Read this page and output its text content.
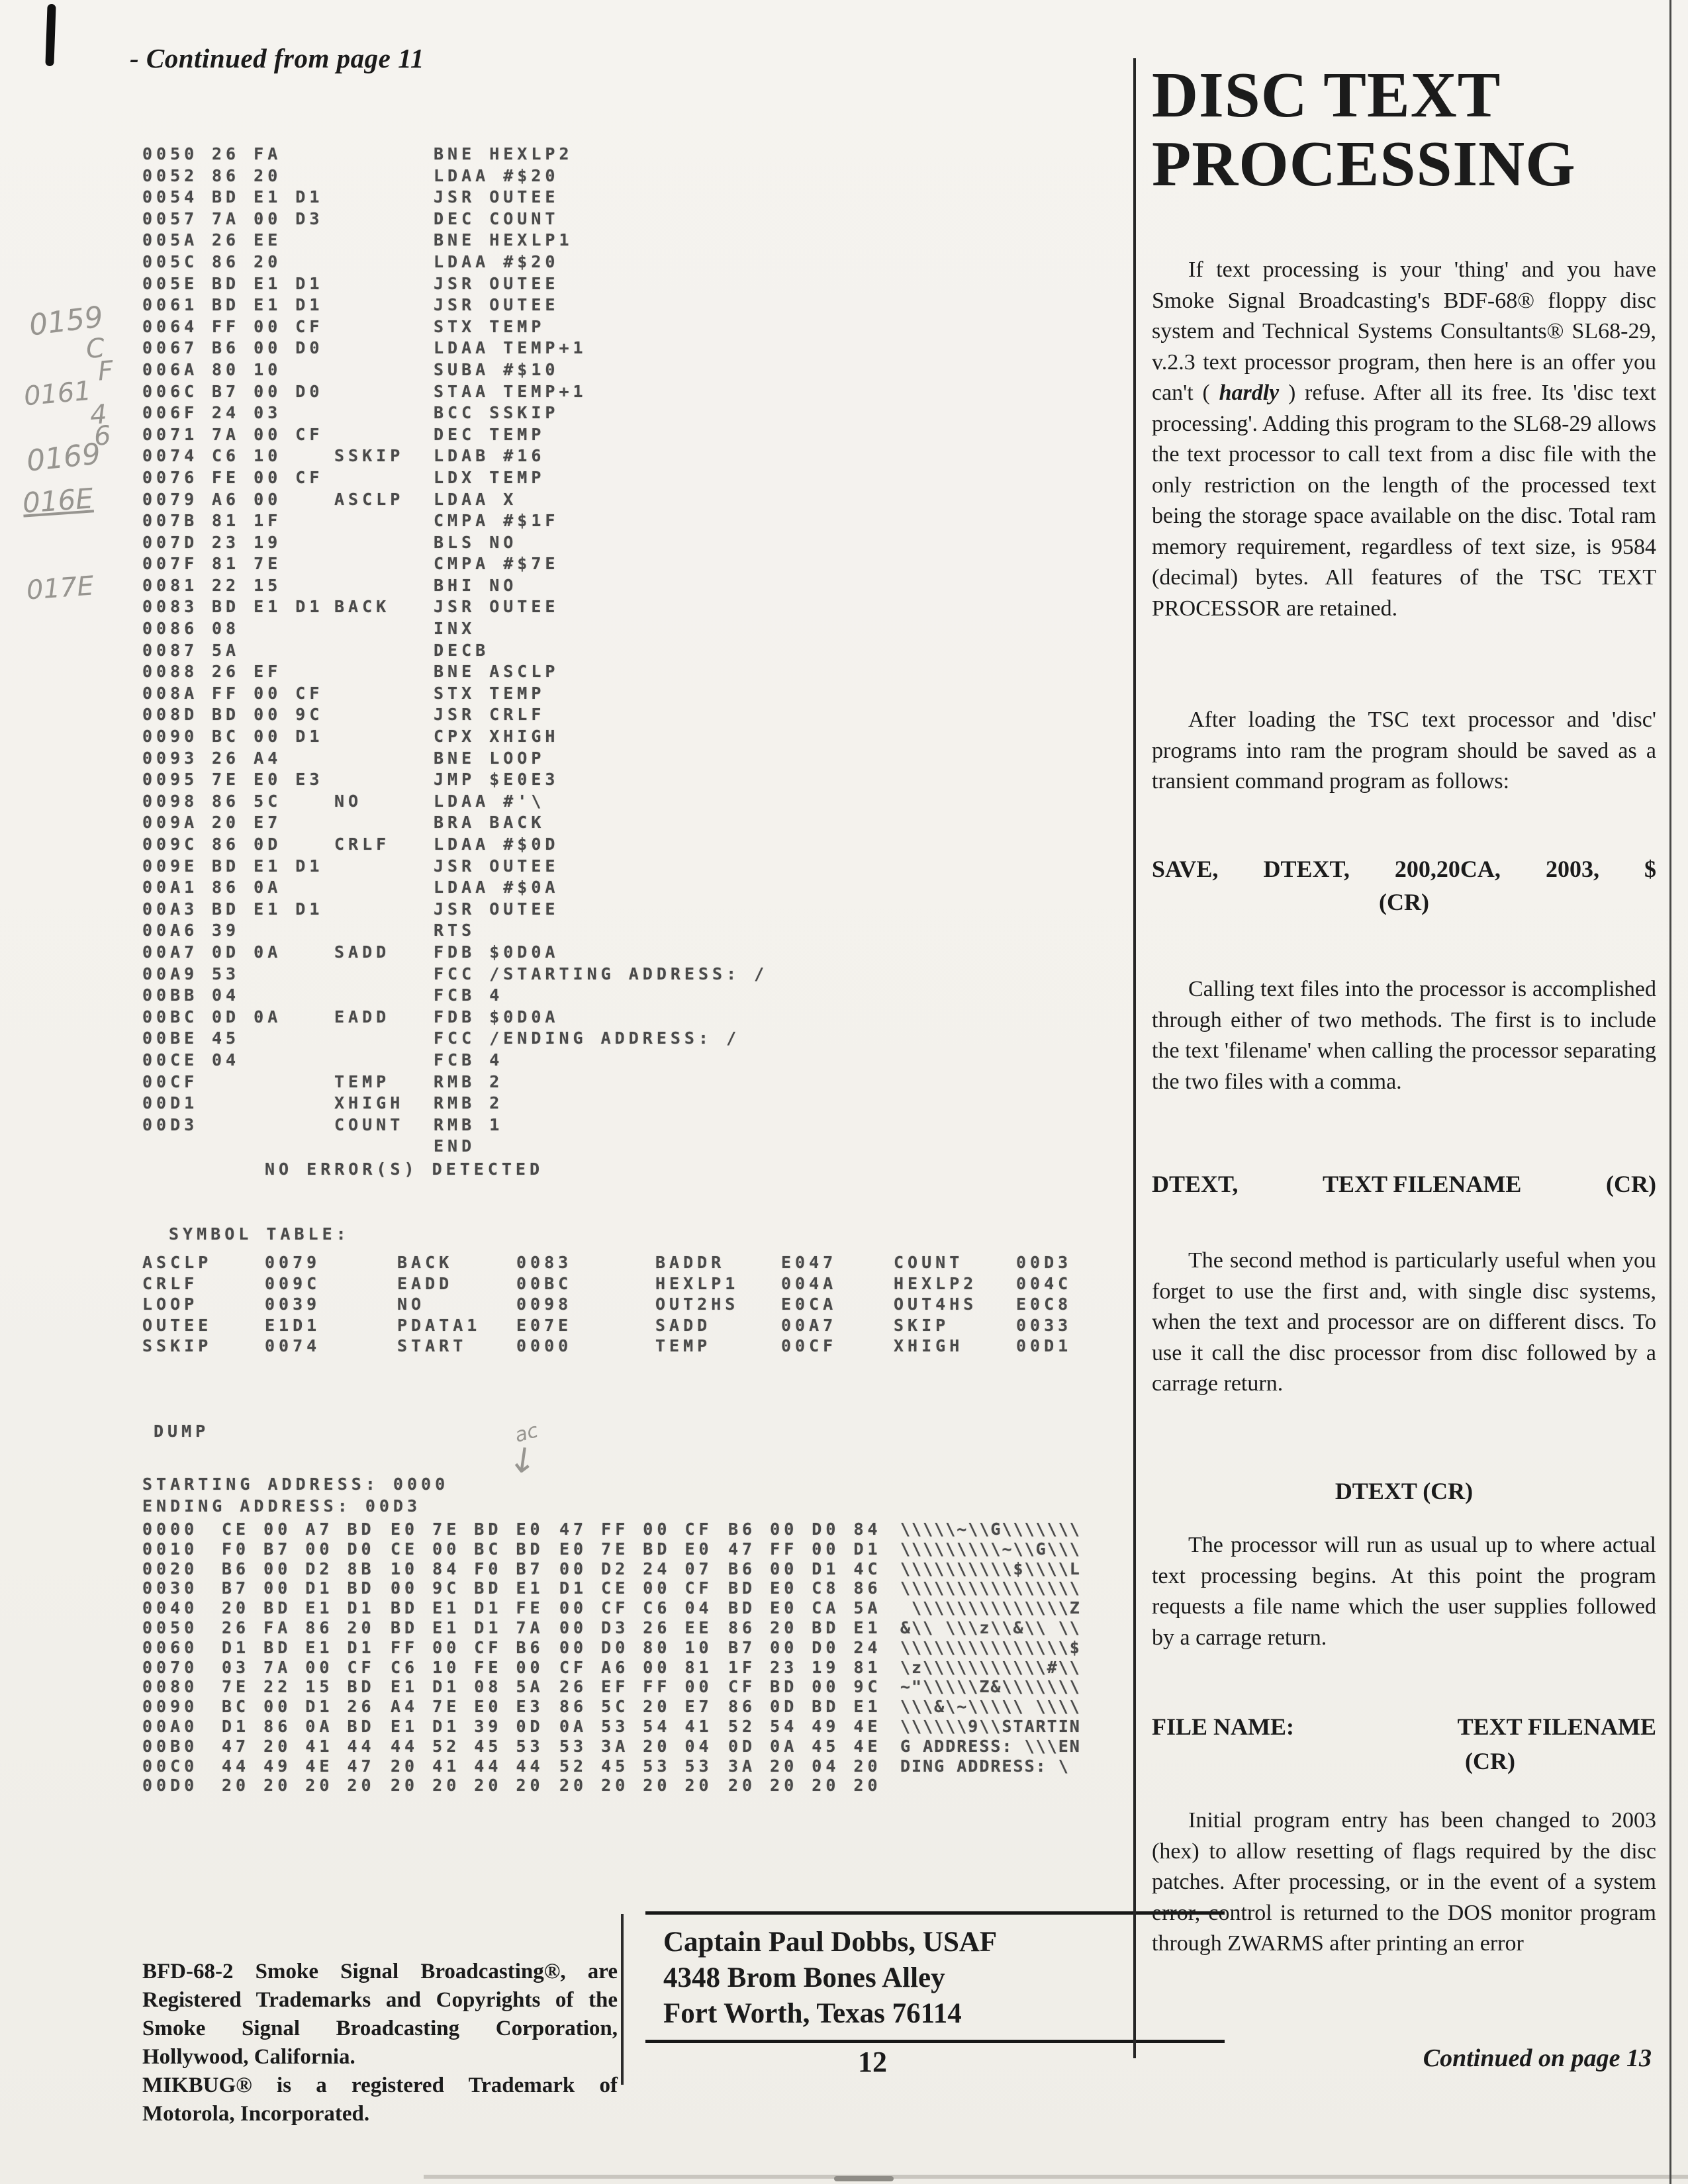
- Continued from page 11
0050 26 FA	BNE HEXLP2
0052 86 20	LDAA #$20
0054 BD E1 D1	JSR OUTEE
0057 7A 00 D3	DEC COUNT
005A 26 EE	BNE HEXLP1
005C 86 20	LDAA #$20
005E BD E1 D1	JSR OUTEE
0061 BD E1 D1	JSR OUTEE
0064 FF 00 CF	STX TEMP
0067 B6 00 D0	LDAA TEMP+1
006A 80 10	SUBA #$10
006C B7 00 D0	STAA TEMP+1
006F 24 03	BCC SSKIP
0071 7A 00 CF	DEC TEMP
0074 C6 10	SSKIP	LDAB #16
0076 FE 00 CF	LDX TEMP
0079 A6 00	ASCLP	LDAA X
007B 81 1F	CMPA #$1F
007D 23 19	BLS NO
007F 81 7E	CMPA #$7E
0081 22 15	BHI NO
0083 BD E1 D1 BACK	JSR OUTEE
0086 08	INX
0087 5A	DECB
0088 26 EF	BNE ASCLP
008A FF 00 CF	STX TEMP
008D BD 00 9C	JSR CRLF
0090 BC 00 D1	CPX XHIGH
0093 26 A4	BNE LOOP
0095 7E E0 E3	JMP $E0E3
0098 86 5C	NO	LDAA #'\
009A 20 E7	BRA BACK
009C 86 0D	CRLF	LDAA #$0D
009E BD E1 D1	JSR OUTEE
00A1 86 0A	LDAA #$0A
00A3 BD E1 D1	JSR OUTEE
00A6 39	RTS
00A7 0D 0A	SADD	FDB $0D0A
00A9 53	FCC /STARTING ADDRESS: /
00BB 04	FCB 4
00BC 0D 0A	EADD	FDB $0D0A
00BE 45	FCC /ENDING ADDRESS: /
00CE 04	FCB 4
00CF	TEMP	RMB 2
00D1	XHIGH	RMB 2
00D3	COUNT	RMB 1
END
NO ERROR(S) DETECTED
SYMBOL TABLE:
ASCLP	0079	BACK	0083	BADDR	E047	COUNT	00D3
CRLF	009C	EADD	00BC	HEXLP1	004A	HEXLP2 004C
LOOP	0039	NO	0098	OUT2HS	E0CA	OUT4HS E0C8
OUTEE	E1D1	PDATA1 E07E	SADD	00A7	SKIP	0033
SSKIP	0074	START	0000	TEMP	00CF	XHIGH	00D1
DUMP
STARTING ADDRESS: 0000
ENDING ADDRESS: 00D3
0000	CE 00 A7 BD E0 7E BD E0 47 FF 00 CF B6 00 D0 84	\\\\\~\\G\\\\\\\
0010	F0 B7 00 D0 CE 00 BC BD E0 7E BD E0 47 FF 00 D1	\\\\\\\\\~\\G\\\
0020	B6 00 D2 8B 10 84 F0 B7 00 D2 24 07 B6 00 D1 4C	\\\\\\\\\\$\\\\L
0030	B7 00 D1 BD 00 9C BD E1 D1 CE 00 CF BD E0 C8 86	\\\\\\\\\\\\\\\\
0040	20 BD E1 D1 BD E1 D1 FE 00 CF C6 04 BD E0 CA 5A	\\\\\\\\\\\\\\Z
0050	26 FA 86 20 BD E1 D1 7A 00 D3 26 EE 86 20 BD E1	&\\ \\\z\\&\\ \\
0060	D1 BD E1 D1 FF 00 CF B6 00 D0 80 10 B7 00 D0 24	\\\\\\\\\\\\\\\$
0070	03 7A 00 CF C6 10 FE 00 CF A6 00 81 1F 23 19 81	\z\\\\\\\\\\\#\\
0080	7E 22 15 BD E1 D1 08 5A 26 EF FF 00 CF BD 00 9C	~"\\\\\Z&\\\\\\\
0090	BC 00 D1 26 A4 7E E0 E3 86 5C 20 E7 86 0D BD E1	\\\&\~\\\\\ \\\\
00A0	D1 86 0A BD E1 D1 39 0D 0A 53 54 41 52 54 49 4E	\\\\\\9\\STARTIN
00B0	47 20 41 44 44 52 45 53 53 3A 20 04 0D 0A 45 4E	G ADDRESS: \\\EN
00C0	44 49 4E 47 20 41 44 44 52 45 53 53 3A 20 04 20	DING ADDRESS: \
00D0	20 20 20 20 20 20 20 20 20 20 20 20 20 20 20 20
BFD-68-2 Smoke Signal Broadcasting®, are Registered Trademarks and Copyrights of the Smoke Signal Broadcasting Corporation, Hollywood, California.
MIKBUG® is a registered Trademark of Motorola, Incorporated.
Captain Paul Dobbs, USAF
4348 Brom Bones Alley
Fort Worth, Texas 76114
12
DISC TEXT
PROCESSING
If text processing is your 'thing' and you have Smoke Signal Broadcasting's BDF-68® floppy disc system and Technical Systems Consultants® SL68-29, v.2.3 text processor program, then here is an offer you can't ( hardly ) refuse. After all its free. Its 'disc text processing'. Adding this program to the SL68-29 allows the text processor to call text from a disc file with the only restriction on the length of the processed text being the storage space available on the disc. Total ram memory requirement, regardless of text size, is 9584 (decimal) bytes. All features of the TSC TEXT PROCESSOR are retained.
After loading the TSC text processor and 'disc' programs into ram the program should be saved as a transient command program as follows:
SAVE, DTEXT, 200,20CA, 2003, $
(CR)
Calling text files into the processor is accomplished through either of two methods. The first is to include the text 'filename' when calling the processor separating the two files with a comma.
DTEXT,	TEXT FILENAME	(CR)
The second method is particularly useful when you forget to use the first and, with single disc systems, when the text and processor are on different discs. To use it call the disc processor from disc followed by a carrage return.
DTEXT (CR)
The processor will run as usual up to where actual text processing begins. At this point the program requests a file name which the user supplies followed by a carrage return.
FILE NAME:	TEXT FILENAME
(CR)
Initial program entry has been changed to 2003 (hex) to allow resetting of flags required by the disc patches. After processing, or in the event of a system error, control is returned to the DOS monitor program through ZWARMS after printing an error
Continued on page 13
0159
C
F
0161
4
6
0169
016E
017E
ac
↓
